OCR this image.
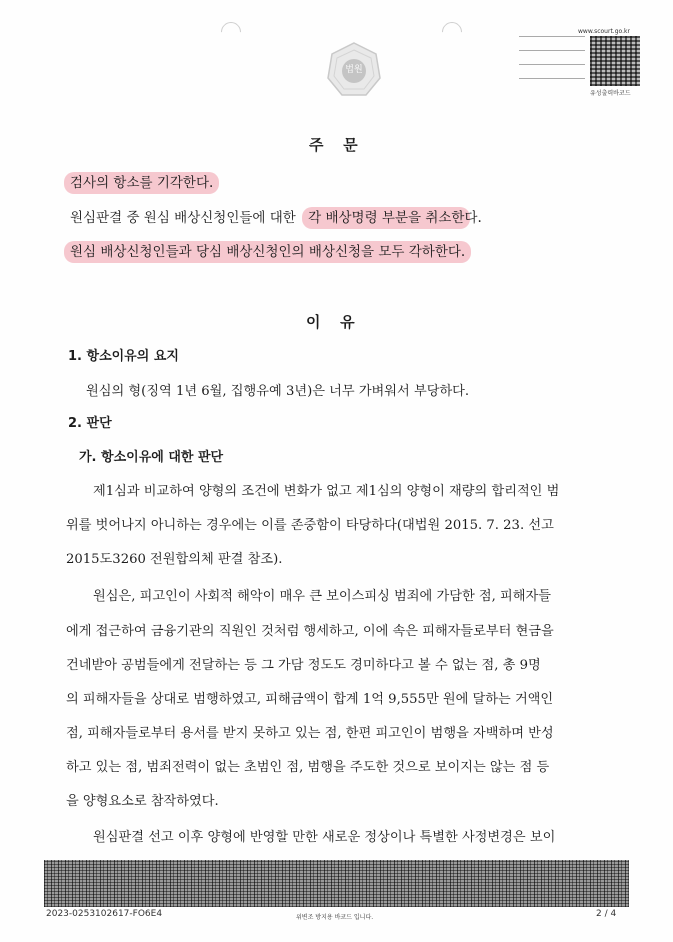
법원
www.scourt.go.kr
유성출력바코드
주   문
검사의 항소를 기각한다.
원심판결 중 원심 배상신청인들에 대한 각 배상명령 부분을 취소한다.
원심 배상신청인들과 당심 배상신청인의 배상신청을 모두 각하한다.
이   유
1. 항소이유의 요지
원심의 형(징역 1년 6월, 집행유예 3년)은 너무 가벼워서 부당하다.
2. 판단
가. 항소이유에 대한 판단
제1심과 비교하여 양형의 조건에 변화가 없고 제1심의 양형이 재량의 합리적인 범
위를 벗어나지 아니하는 경우에는 이를 존중함이 타당하다(대법원 2015. 7. 23. 선고
2015도3260 전원합의체 판결 참조).
원심은, 피고인이 사회적 해악이 매우 큰 보이스피싱 범죄에 가담한 점, 피해자들
에게 접근하여 금융기관의 직원인 것처럼 행세하고, 이에 속은 피해자들로부터 현금을
건네받아 공범들에게 전달하는 등 그 가담 정도도 경미하다고 볼 수 없는 점, 총 9명
의 피해자들을 상대로 범행하였고, 피해금액이 합계 1억 9,555만 원에 달하는 거액인
점, 피해자들로부터 용서를 받지 못하고 있는 점, 한편 피고인이 범행을 자백하며 반성
하고 있는 점, 범죄전력이 없는 초범인 점, 범행을 주도한 것으로 보이지는 않는 점 등
을 양형요소로 참작하였다.
원심판결 선고 이후 양형에 반영할 만한 새로운 정상이나 특별한 사정변경은 보이
2023-0253102617-FO6E4	위변조 방지용 바코드 입니다.	2 / 4
